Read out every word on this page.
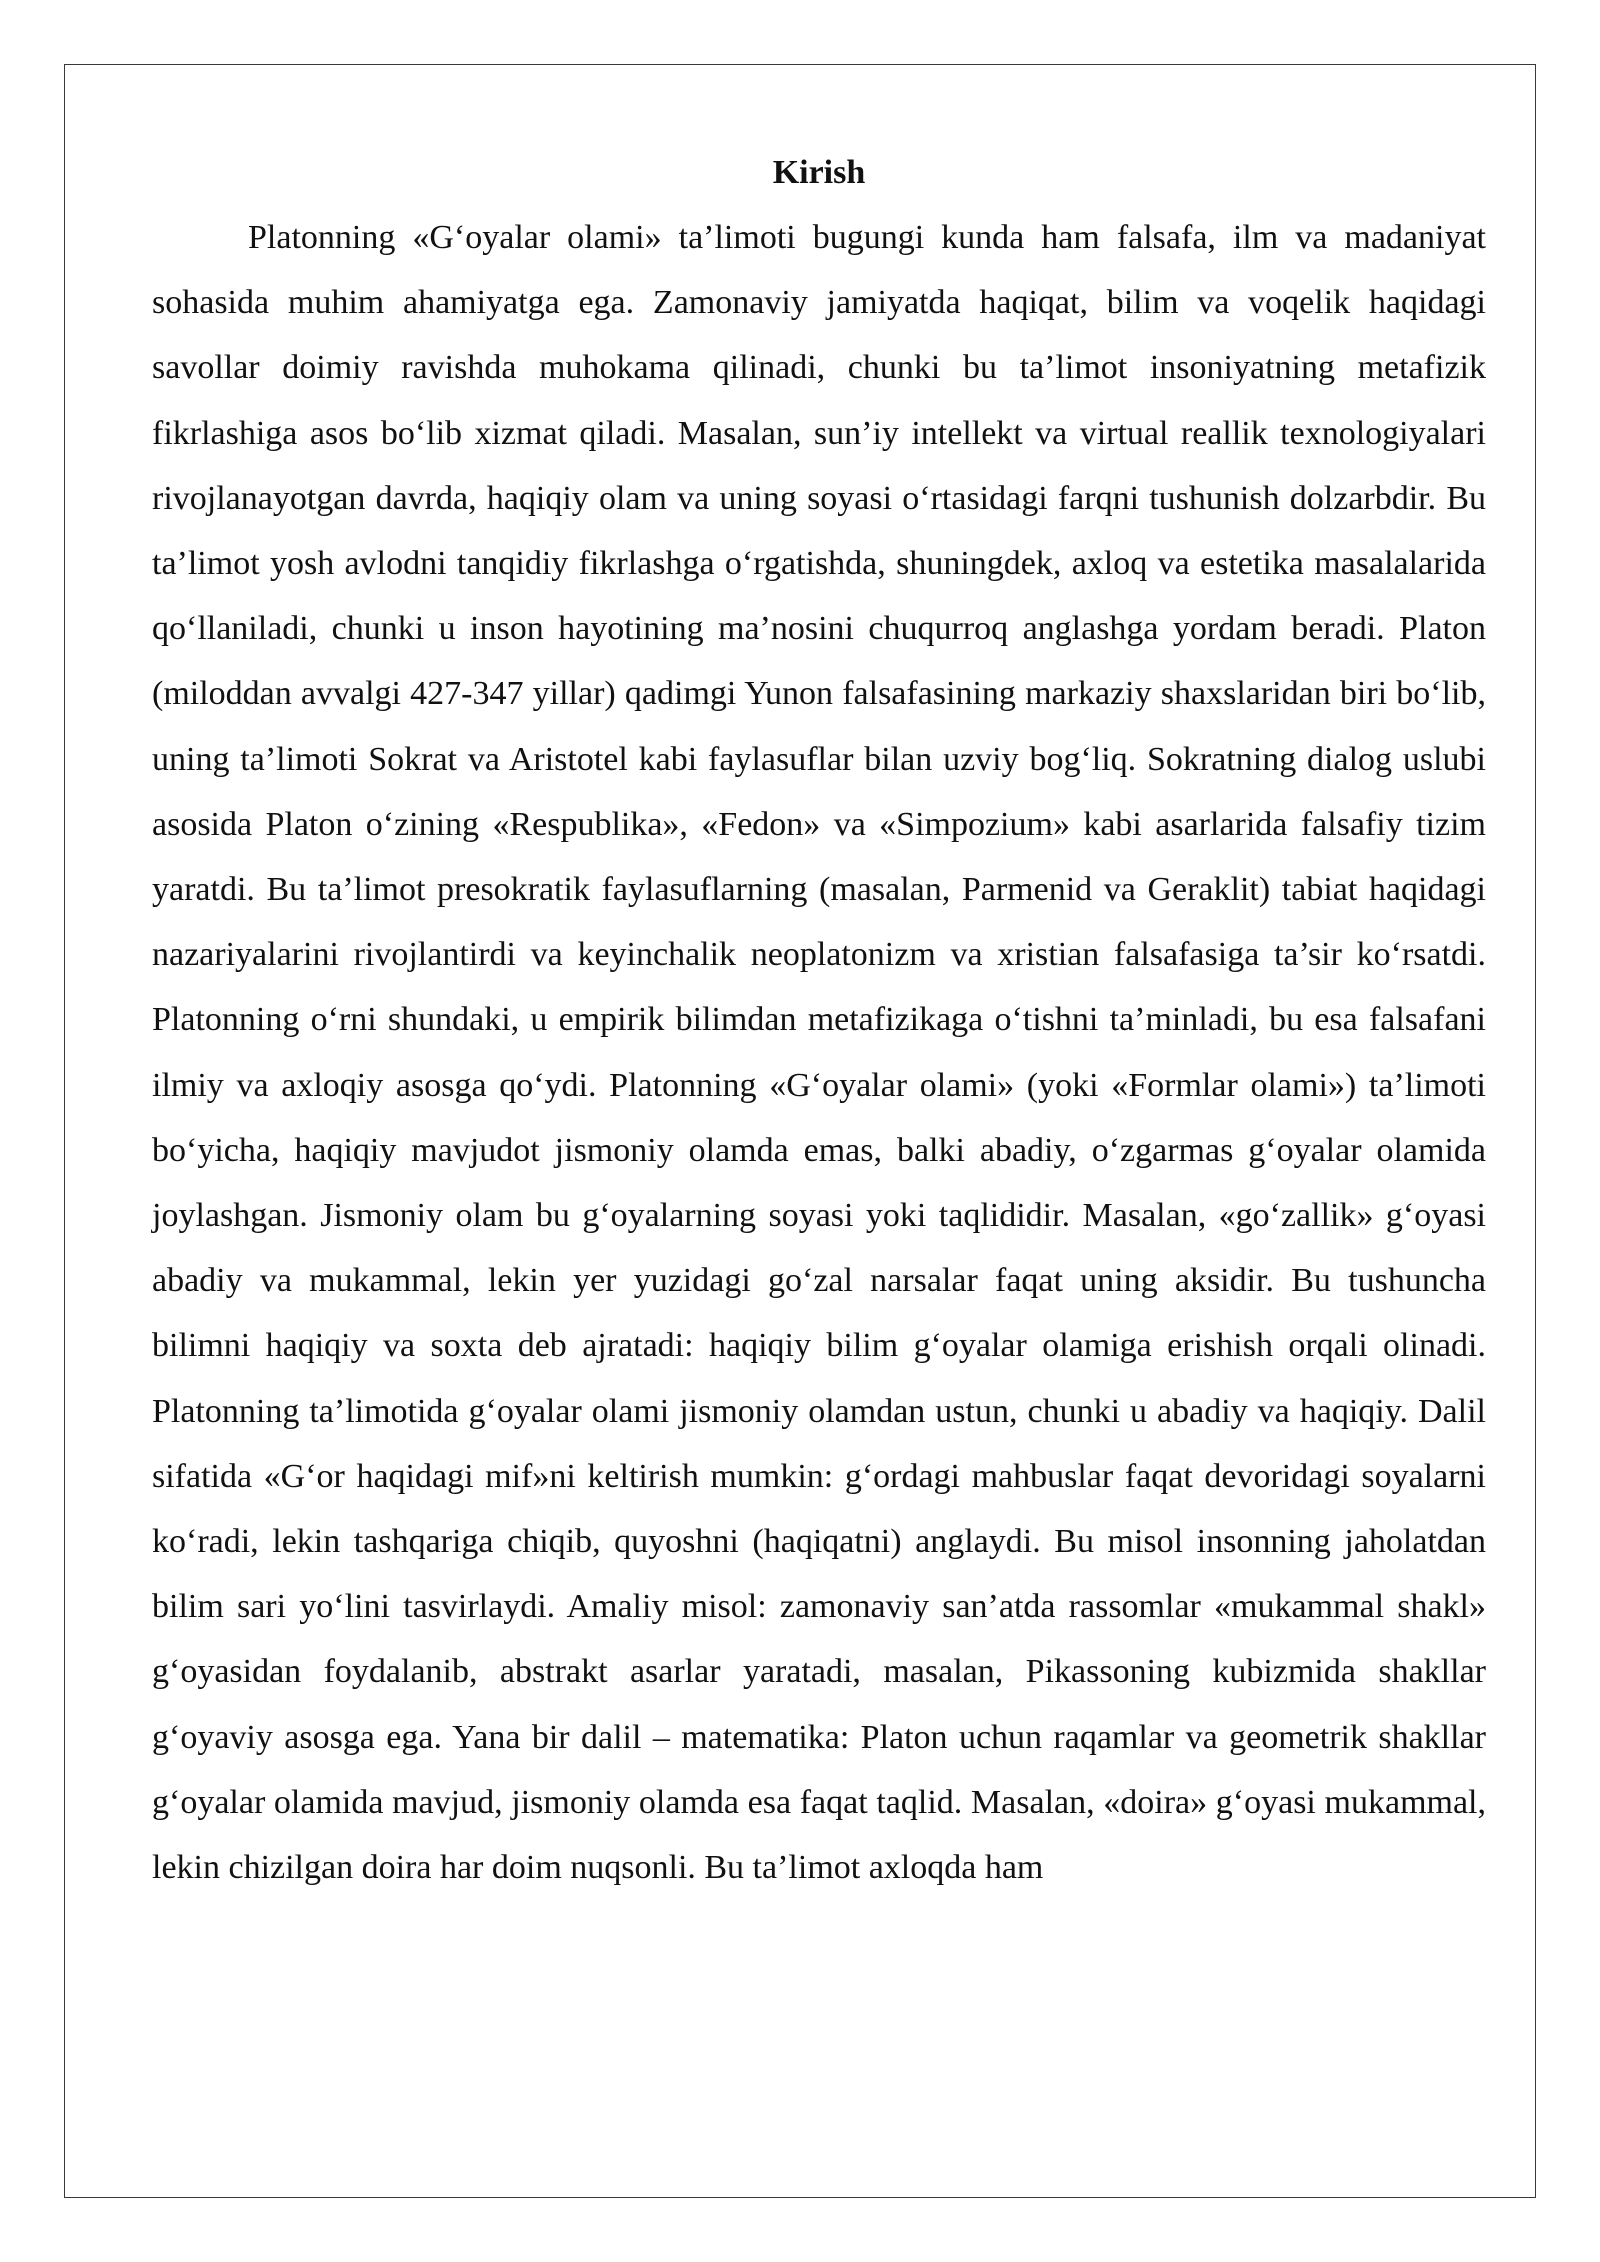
Kirish

Platonning «G‘oyalar olami» ta’limoti bugungi kunda ham falsafa, ilm va madaniyat sohasida muhim ahamiyatga ega. Zamonaviy jamiyatda haqiqat, bilim va voqelik haqidagi savollar doimiy ravishda muhokama qilinadi, chunki bu ta’limot insoniyatning metafizik fikrlashiga asos bo‘lib xizmat qiladi. Masalan, sun’iy intellekt va virtual reallik texnologiyalari rivojlanayotgan davrda, haqiqiy olam va uning soyasi o‘rtasidagi farqni tushunish dolzarbdir. Bu ta’limot yosh avlodni tanqidiy fikrlashga o‘rgatishda, shuningdek, axloq va estetika masalalarida qo‘llaniladi, chunki u inson hayotining ma’nosini chuqurroq anglashga yordam beradi. Platon (miloddan avvalgi 427-347 yillar) qadimgi Yunon falsafasining markaziy shaxslaridan biri bo‘lib, uning ta’limoti Sokrat va Aristotel kabi faylasuflar bilan uzviy bog‘liq. Sokratning dialog uslubi asosida Platon o‘zining «Respublika», «Fedon» va «Simpozium» kabi asarlarida falsafiy tizim yaratdi. Bu ta’limot presokratik faylasuflarning (masalan, Parmenid va Geraklit) tabiat haqidagi nazariyalarini rivojlantirdi va keyinchalik neoplatonizm va xristian falsafasiga ta’sir ko‘rsatdi. Platonning o‘rni shundaki, u empirik bilimdan metafizikaga o‘tishni ta’minladi, bu esa falsafani ilmiy va axloqiy asosga qo‘ydi. Platonning «G‘oyalar olami» (yoki «Formlar olami») ta’limoti bo‘yicha, haqiqiy mavjudot jismoniy olamda emas, balki abadiy, o‘zgarmas g‘oyalar olamida joylashgan. Jismoniy olam bu g‘oyalarning soyasi yoki taqlididir. Masalan, «go‘zallik» g‘oyasi abadiy va mukammal, lekin yer yuzidagi go‘zal narsalar faqat uning aksidir. Bu tushuncha bilimni haqiqiy va soxta deb ajratadi: haqiqiy bilim g‘oyalar olamiga erishish orqali olinadi. Platonning ta’limotida g‘oyalar olami jismoniy olamdan ustun, chunki u abadiy va haqiqiy. Dalil sifatida «G‘or haqidagi mif»ni keltirish mumkin: g‘ordagi mahbuslar faqat devoridagi soyalarni ko‘radi, lekin tashqariga chiqib, quyoshni (haqiqatni) anglaydi. Bu misol insonning jaholatdan bilim sari yo‘lini tasvirlaydi. Amaliy misol: zamonaviy san’atda rassomlar «mukammal shakl» g‘oyasidan foydalanib, abstrakt asarlar yaratadi, masalan, Pikassoning kubizmida shakllar g‘oyaviy asosga ega. Yana bir dalil – matematika: Platon uchun raqamlar va geometrik shakllar g‘oyalar olamida mavjud, jismoniy olamda esa faqat taqlid. Masalan, «doira» g‘oyasi mukammal, lekin chizilgan doira har doim nuqsonli. Bu ta’limot axloqda ham
